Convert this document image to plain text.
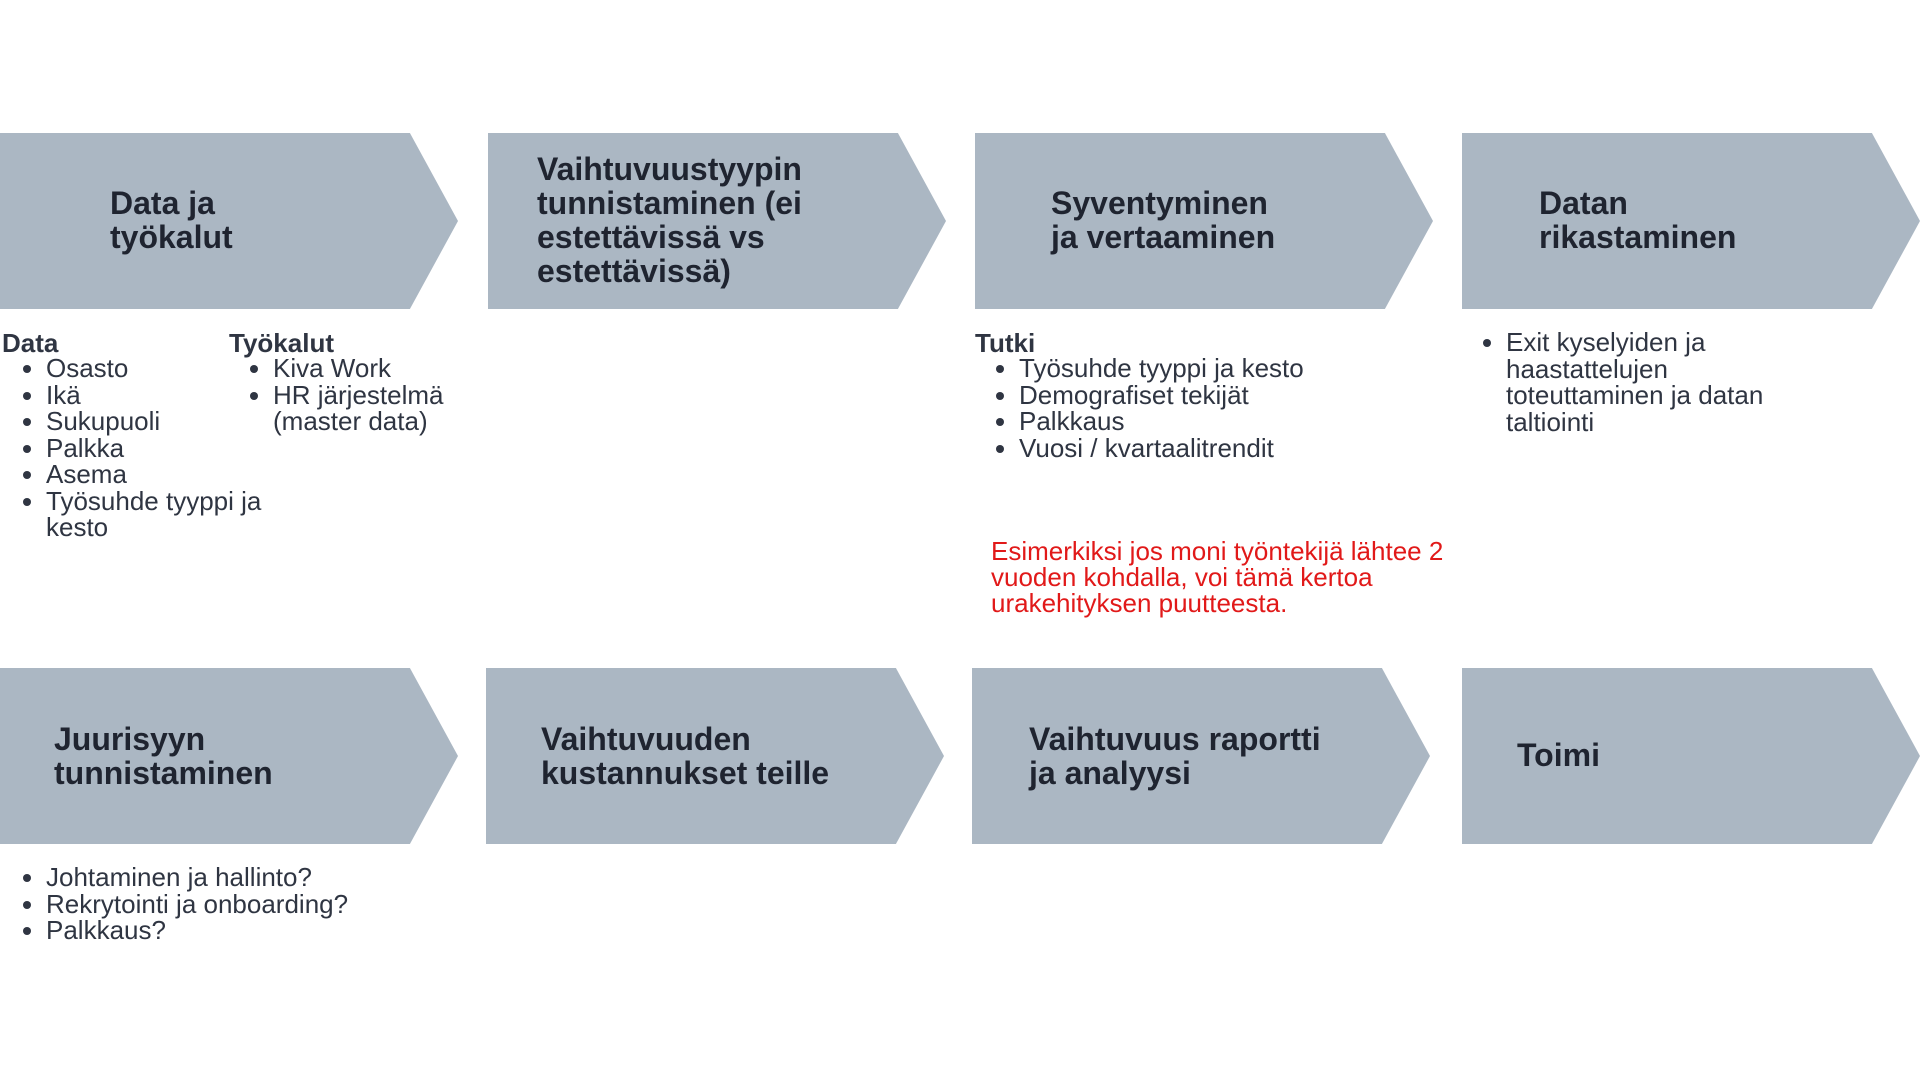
Data ja
työkalut
Vaihtuvuustyypin
tunnistaminen (ei
estettävissä vs
estettävissä)
Syventyminen
ja vertaaminen
Datan
rikastaminen
Juurisyyn
tunnistaminen
Vaihtuvuuden
kustannukset teille
Vaihtuvuus raportti
ja analyysi	Toimi
Data
• Osasto
• Ikä
• Sukupuoli
• Palkka
• Asema
• Työsuhde tyyppi ja kesto
Työkalut
• Kiva Work
• HR järjestelmä (master data)
Tutki
• Työsuhde tyyppi ja kesto
• Demografiset tekijät
• Palkkaus
• Vuosi / kvartaalitrendit

Esimerkiksi jos moni työntekijä lähtee 2 vuoden kohdalla, voi tämä kertoa urakehityksen puutteesta.

• Exit kyselyiden ja haastattelujen toteuttaminen ja datan taltiointi
• Johtaminen ja hallinto?
• Rekrytointi ja onboarding?
• Palkkaus?
